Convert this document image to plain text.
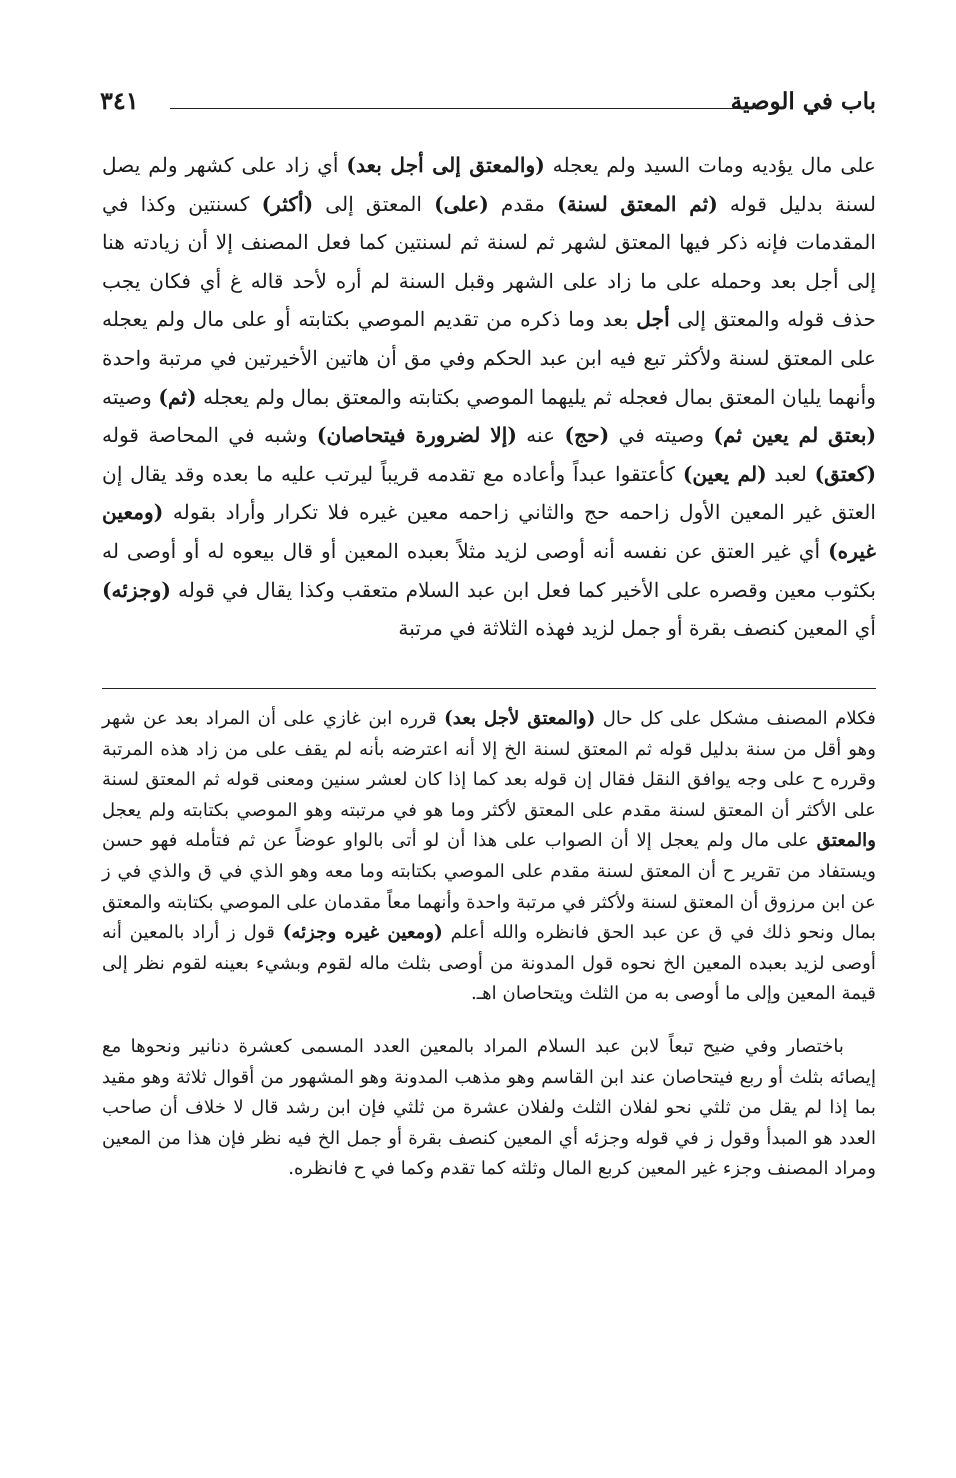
باب في الوصية
٣٤١

على مال يؤديه ومات السيد ولم يعجله (والمعتق إلى أجل بعد) أي زاد على كشهر ولم يصل لسنة بدليل قوله (ثم المعتق لسنة) مقدم (على) المعتق إلى (أكثر) كسنتين وكذا في المقدمات فإنه ذكر فيها المعتق لشهر ثم لسنة ثم لسنتين كما فعل المصنف إلا أن زيادته هنا إلى أجل بعد وحمله على ما زاد على الشهر وقبل السنة لم أره لأحد قاله غ أي فكان يجب حذف قوله والمعتق إلى أجل بعد وما ذكره من تقديم الموصي بكتابته أو على مال ولم يعجله على المعتق لسنة ولأكثر تبع فيه ابن عبد الحكم وفي مق أن هاتين الأخيرتين في مرتبة واحدة وأنهما يليان المعتق بمال فعجله ثم يليهما الموصي بكتابته والمعتق بمال ولم يعجله (ثم) وصيته (بعتق لم يعين ثم) وصيته في (حج) عنه (إلا لضرورة فيتحاصان) وشبه في المحاصة قوله (كعتق) لعبد (لم يعين) كأعتقوا عبداً وأعاده مع تقدمه قريباً ليرتب عليه ما بعده وقد يقال إن العتق غير المعين الأول زاحمه حج والثاني زاحمه معين غيره فلا تكرار وأراد بقوله (ومعين غيره) أي غير العتق عن نفسه أنه أوصى لزيد مثلاً بعبده المعين أو قال بيعوه له أو أوصى له بكثوب معين وقصره على الأخير كما فعل ابن عبد السلام متعقب وكذا يقال في قوله (وجزئه) أي المعين كنصف بقرة أو جمل لزيد فهذه الثلاثة في مرتبة

فكلام المصنف مشكل على كل حال (والمعتق لأجل بعد) قرره ابن غازي على أن المراد بعد عن شهر وهو أقل من سنة بدليل قوله ثم المعتق لسنة الخ إلا أنه اعترضه بأنه لم يقف على من زاد هذه المرتبة وقرره ح على وجه يوافق النقل فقال إن قوله بعد كما إذا كان لعشر سنين ومعنى قوله ثم المعتق لسنة على الأكثر أن المعتق لسنة مقدم على المعتق لأكثر وما هو في مرتبته وهو الموصي بكتابته ولم يعجل والمعتق على مال ولم يعجل إلا أن الصواب على هذا أن لو أتى بالواو عوضاً عن ثم فتأمله فهو حسن ويستفاد من تقرير ح أن المعتق لسنة مقدم على الموصي بكتابته وما معه وهو الذي في ق والذي في ز عن ابن مرزوق أن المعتق لسنة ولأكثر في مرتبة واحدة وأنهما معاً مقدمان على الموصي بكتابته والمعتق بمال ونحو ذلك في ق عن عبد الحق فانظره والله أعلم (ومعين غيره وجزئه) قول ز أراد بالمعين أنه أوصى لزيد بعبده المعين الخ نحوه قول المدونة من أوصى بثلث ماله لقوم وبشيء بعينه لقوم نظر إلى قيمة المعين وإلى ما أوصى به من الثلث ويتحاصان اهـ.

باختصار وفي ضيح تبعاً لابن عبد السلام المراد بالمعين العدد المسمى كعشرة دنانير ونحوها مع إيصائه بثلث أو ربع فيتحاصان عند ابن القاسم وهو مذهب المدونة وهو المشهور من أقوال ثلاثة وهو مقيد بما إذا لم يقل من ثلثي نحو لفلان الثلث ولفلان عشرة من ثلثي فإن ابن رشد قال لا خلاف أن صاحب العدد هو المبدأ وقول ز في قوله وجزئه أي المعين كنصف بقرة أو جمل الخ فيه نظر فإن هذا من المعين ومراد المصنف وجزء غير المعين كربع المال وثلثه كما تقدم وكما في ح فانظره.
